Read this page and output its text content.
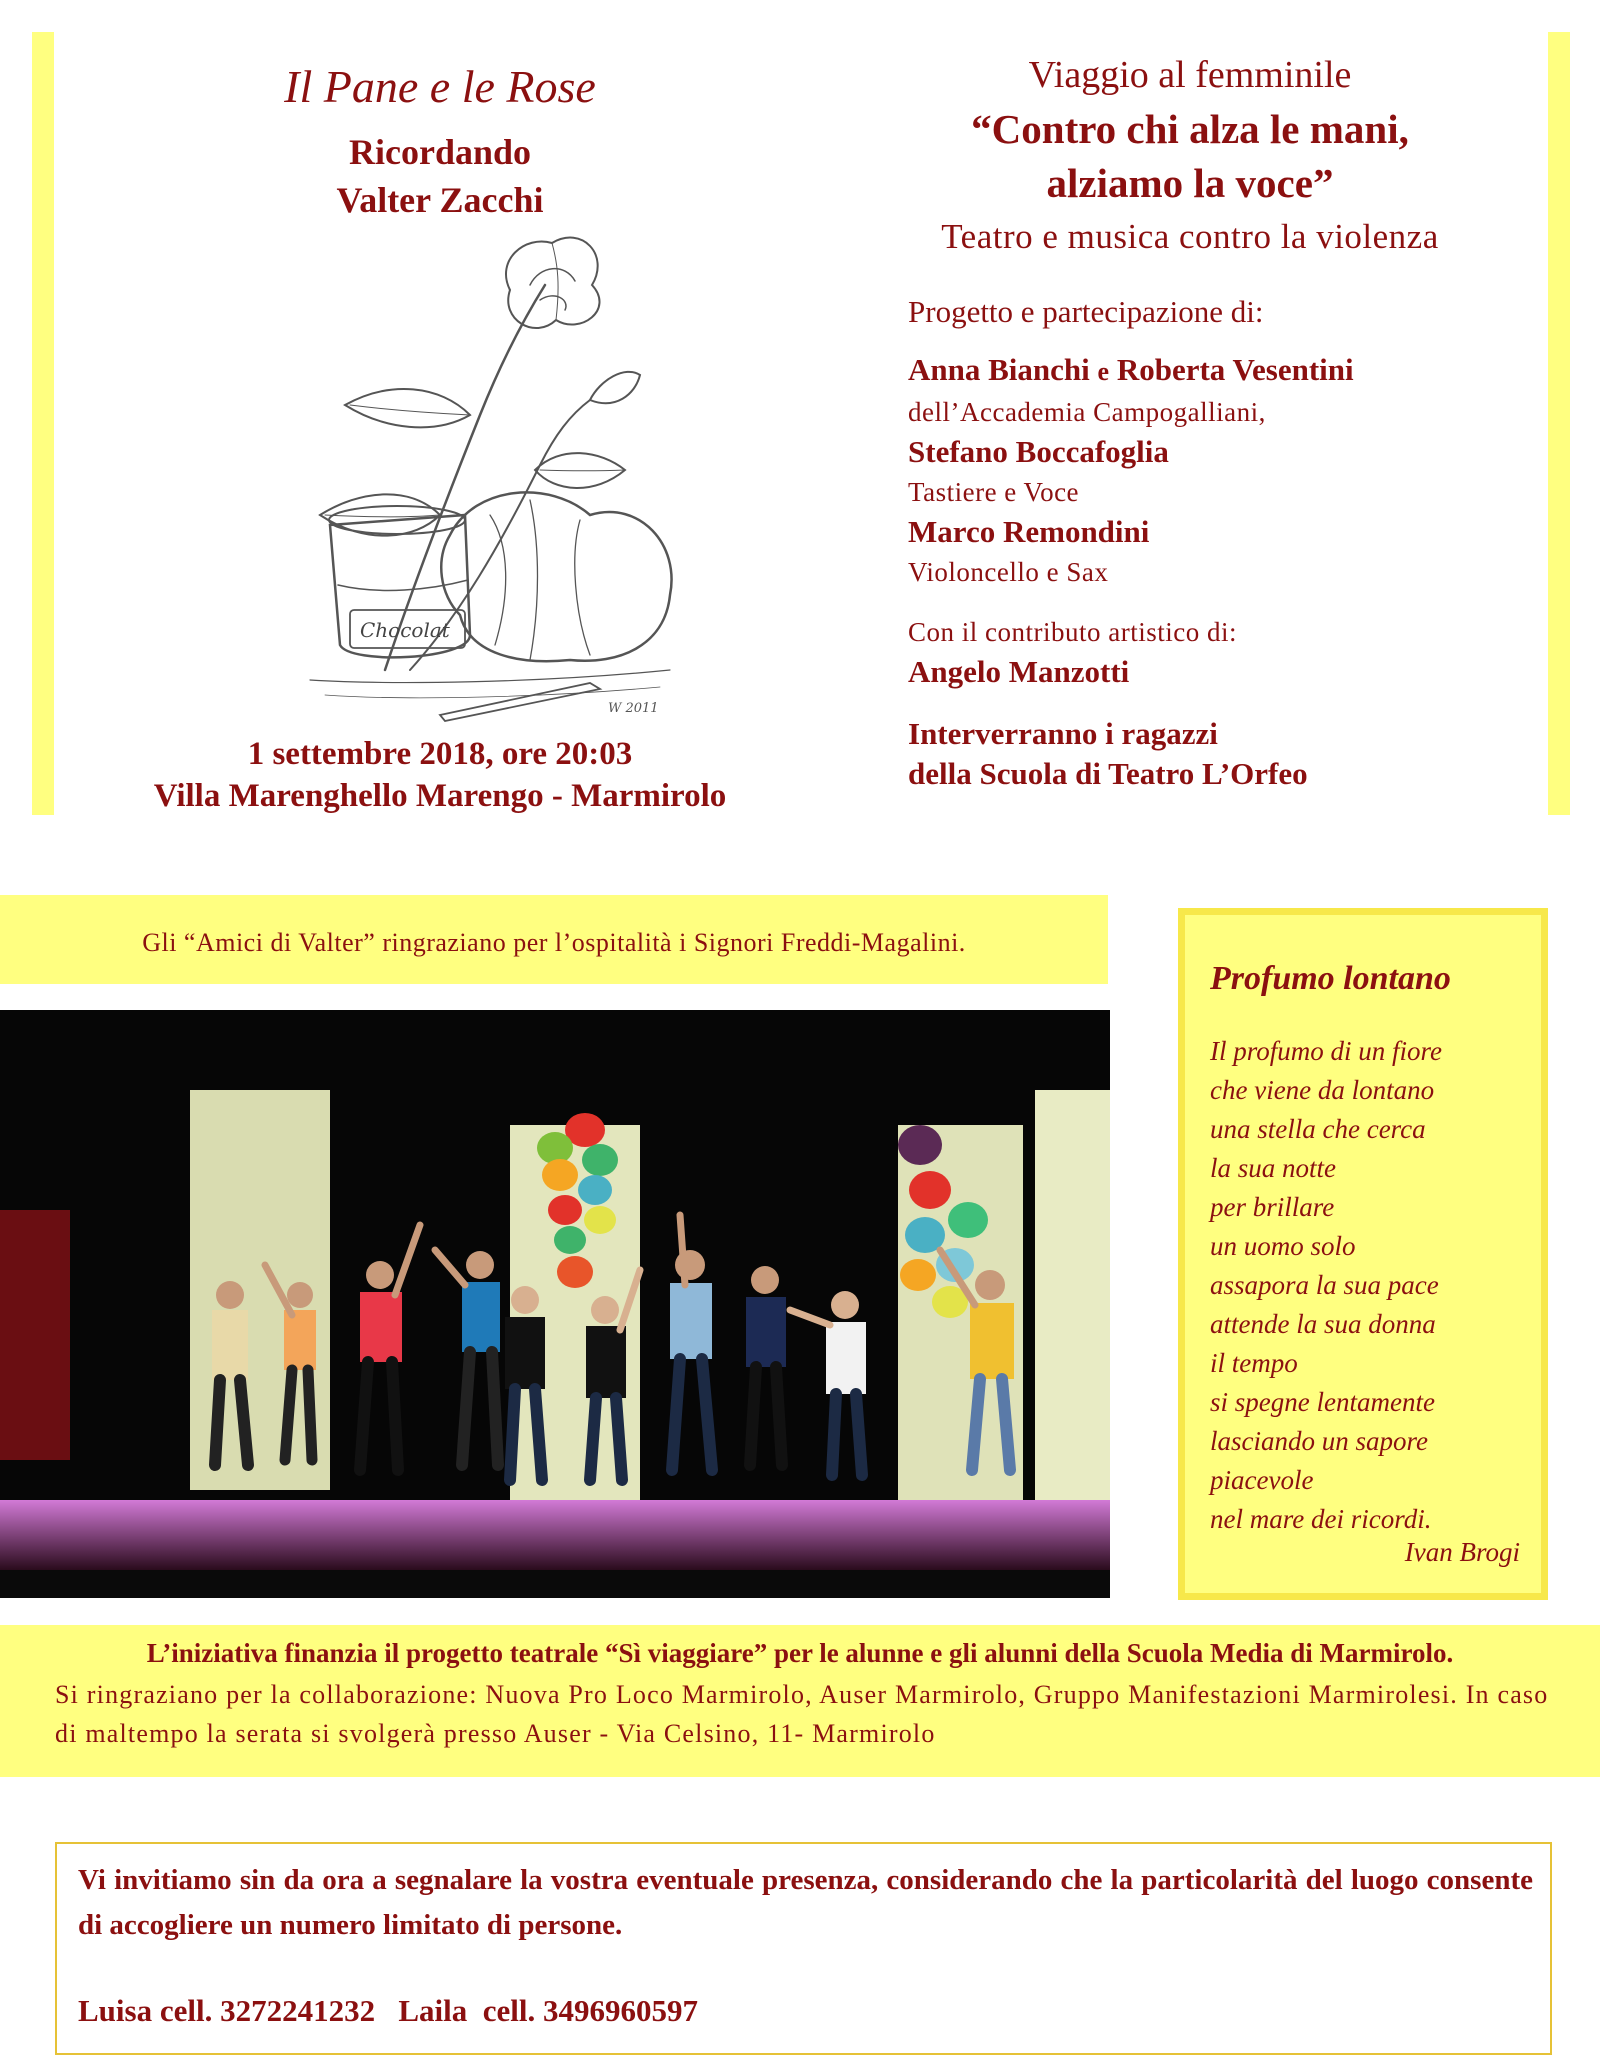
Il Pane e le Rose
Ricordando
Valter Zacchi
Chocolat
W 2011
1 settembre 2018, ore 20:03
Villa Marenghello Marengo - Marmirolo
Viaggio al femminile
“Contro chi alza le mani,
alziamo la voce”
Teatro e musica contro la violenza
Progetto e partecipazione di:
Anna Bianchi e Roberta Vesentini
dell’Accademia Campogalliani,
Stefano Boccafoglia
Tastiere e Voce
Marco Remondini
Violoncello e Sax
Con il contributo artistico di:
Angelo Manzotti
Interverranno i ragazzi
della Scuola di Teatro L’Orfeo
Gli “Amici di Valter” ringraziano per l’ospitalità i Signori Freddi-Magalini.
Profumo lontano
Il profumo di un fiore
che viene da lontano
una stella che cerca
la sua notte
per brillare
un uomo solo
assapora la sua pace
attende la sua donna
il tempo
si spegne lentamente
lasciando un sapore
piacevole
nel mare dei ricordi.
Ivan Brogi
L’iniziativa finanzia il progetto teatrale “Sì viaggiare” per le alunne e gli alunni della Scuola Media di Marmirolo.
Si ringraziano per la collaborazione: Nuova Pro Loco Marmirolo, Auser Marmirolo, Gruppo Manifestazioni Marmirolesi. In caso di maltempo la serata si svolgerà presso Auser - Via Celsino, 11- Marmirolo
Vi invitiamo sin da ora a segnalare la vostra eventuale presenza, considerando che la particolarità del luogo consente di accogliere un numero limitato di persone.
Luisa cell. 3272241232 Laila  cell. 3496960597
